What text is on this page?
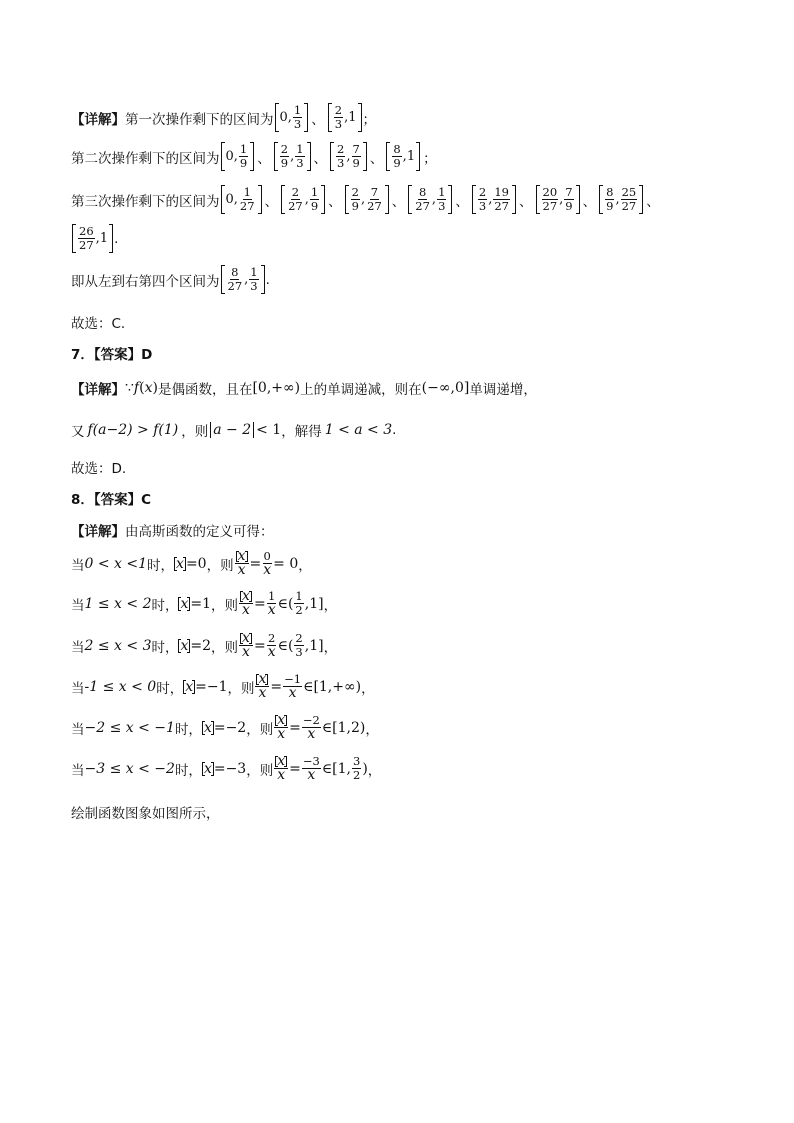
【详解】 第一次操作剩下的区间为 0 , $\frac{1}{3}$ 、 $\frac{2}{3}$ , 1 ；
第二次操作剩下的区间为 0 , $\frac{1}{9}$ 、 $\frac{2}{9}$ , $\frac{1}{3}$ 、 $\frac{2}{3}$ , $\frac{7}{9}$ 、 $\frac{8}{9}$ , 1 ；
第三次操作剩下的区间为 0 , $\frac{1}{27}$ 、 $\frac{2}{27}$ , $\frac{1}{9}$ 、 $\frac{2}{9}$ , $\frac{7}{27}$ 、 $\frac{8}{27}$ , $\frac{1}{3}$ 、 $\frac{2}{3}$ , $\frac{19}{27}$ 、 $\frac{20}{27}$ , $\frac{7}{9}$ 、 $\frac{8}{9}$ , $\frac{25}{27}$ 、
$\frac{26}{27}$ , 1 .
即从左到右第四个区间为 $\frac{8}{27}$ , $\frac{1}{3}$ .
故选：C.
7．【答案】D
【详解】 ∵ f ( x ) 是偶函数，且在 [0,+∞) 上的单调递减，则在 (−∞,0] 单调递增，
又 f(a−2) > f(1) ，则 a − 2 < 1 ，解得 1 < a < 3 .
故选：D.
8．【答案】C
【详解】 由高斯函数的定义可得：
当 0 < x <1 时， x = 0 ， 则 $\frac{x}{x} = \frac{0}{x} = 0$ ，
当 1 ≤ x < 2 时， x = 1 ， 则 $\frac{x}{x} = \frac{1}{x}$ ∈( $\frac{1}{2} ,1$] ，
当 2 ≤ x < 3 时， x = 2 ， 则 $\frac{x}{x} = \frac{2}{x}$ ∈( $\frac{2}{3} ,1$] ，
当 -1 ≤ x < 0 时， x = −1 ， 则 $\frac{x}{x} = \frac{-1}{x}$ ∈[1,+∞) ，
当 −2 ≤ x < −1 时， x = −2 ， 则 $\frac{x}{x} = \frac{-2}{x}$ ∈[1,2) ，
当 −3 ≤ x < −2 时， x = −3 ， 则 $\frac{x}{x} = \frac{-3}{x}$ ∈[1, $\frac{3}{2}$ ) ，
绘制函数图象如图所示，
